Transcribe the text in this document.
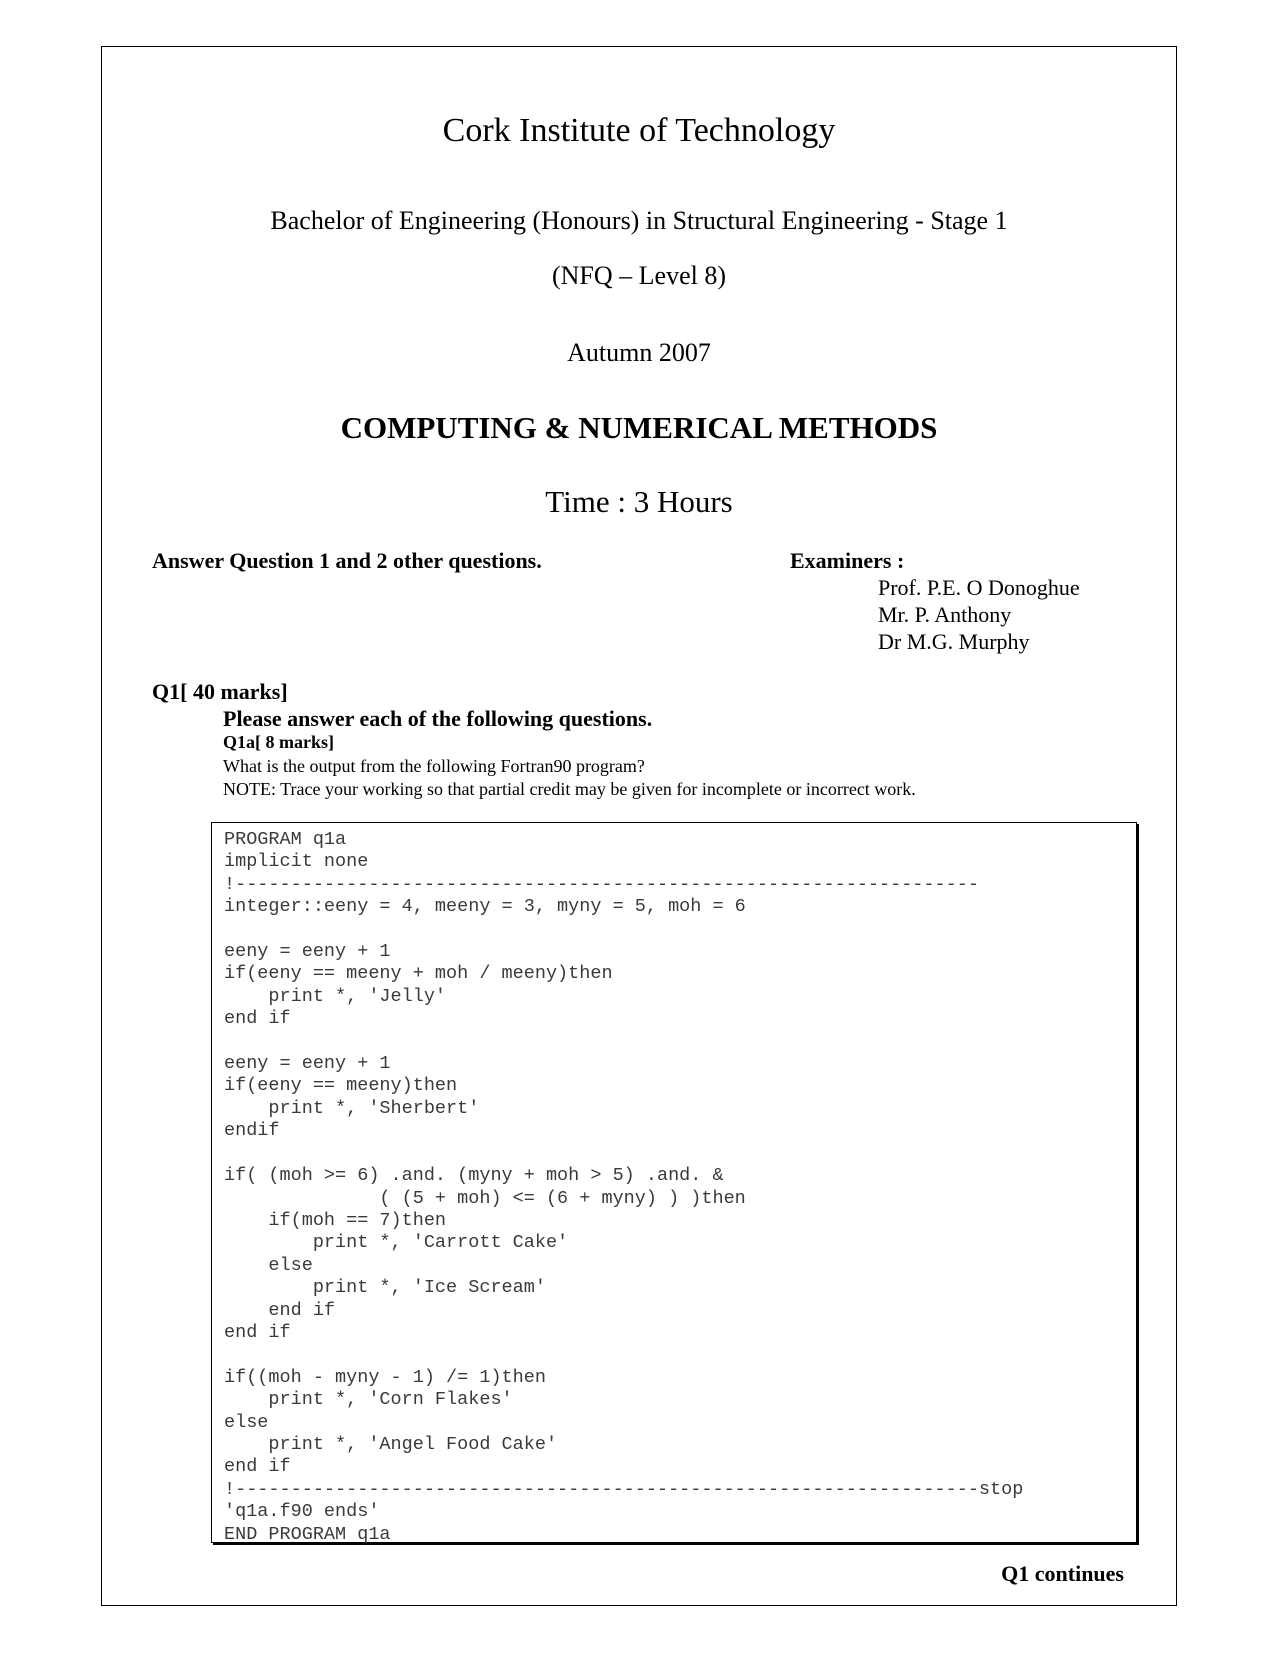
Cork Institute of Technology
Bachelor of Engineering (Honours) in Structural Engineering - Stage 1
(NFQ – Level 8)
Autumn 2007
COMPUTING & NUMERICAL METHODS
Time : 3 Hours
Answer Question 1 and 2 other questions.	Examiners :
Prof. P.E. O Donoghue
Mr. P. Anthony
Dr M.G. Murphy
Q1[ 40 marks]
Please answer each of the following questions.
Q1a[ 8 marks]
What is the output from the following Fortran90 program?
NOTE: Trace your working so that partial credit may be given for incomplete or incorrect work.
PROGRAM q1a
implicit none
!-------------------------------------------------------------------
integer::eeny = 4, meeny = 3, myny = 5, moh = 6

eeny = eeny + 1
if(eeny == meeny + moh / meeny)then
print *, 'Jelly'
end if

eeny = eeny + 1
if(eeny == meeny)then
print *, 'Sherbert'
endif

if( (moh >= 6) .and. (myny + moh > 5) .and. &
( (5 + moh) <= (6 + myny) ) )then
if(moh == 7)then
print *, 'Carrott Cake'
else
print *, 'Ice Scream'
end if
end if

if((moh - myny - 1) /= 1)then
print *, 'Corn Flakes'
else
print *, 'Angel Food Cake'
end if
!-------------------------------------------------------------------stop
'q1a.f90 ends'
END PROGRAM q1a
Q1 continues
